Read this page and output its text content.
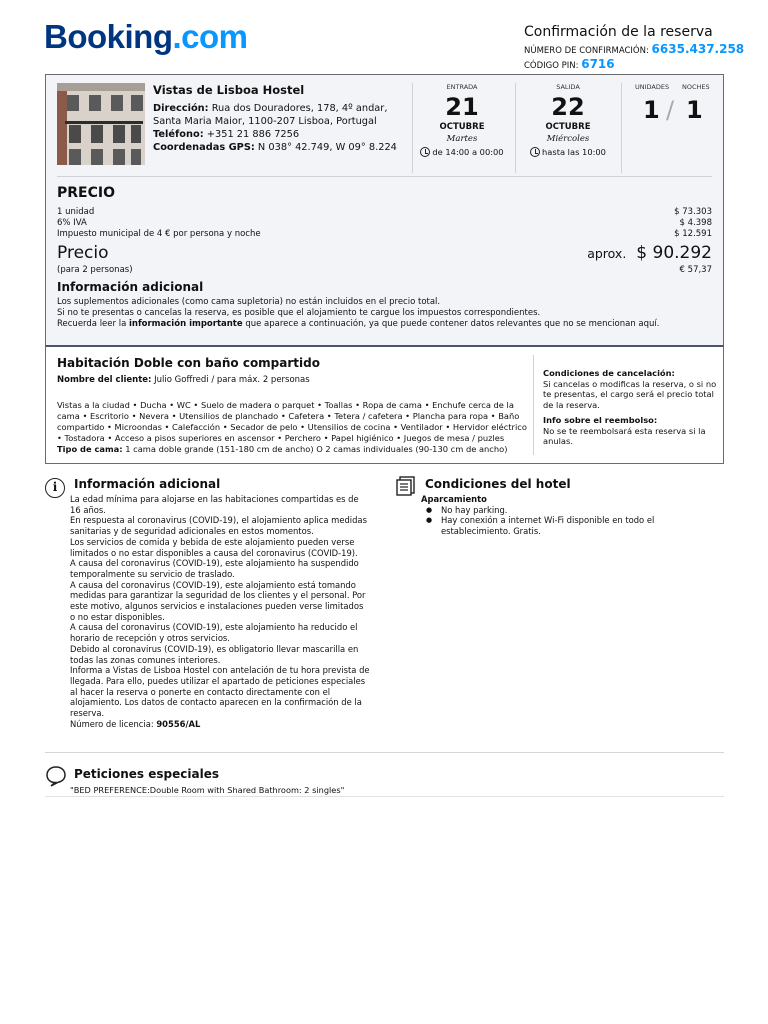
Booking.com	Confirmación de la reserva
NÚMERO DE CONFIRMACIÓN: 6635.437.258
CÓDIGO PIN: 6716
Vistas de Lisboa Hostel
Dirección: Rua dos Douradores, 178, 4º andar, Santa Maria Maior, 1100-207 Lisboa, Portugal
Teléfono: +351 21 886 7256
Coordenadas GPS: N 038° 42.749, W 09° 8.224
ENTRADA
21
OCTUBRE
Martes
de 14:00 a 00:00
SALIDA
22
OCTUBRE
Miércoles
hasta las 10:00
UNIDADES NOCHES
1 / 1
PRECIO
1 unidad	$ 73.303
6% IVA	$ 4.398
Impuesto municipal de 4 € por persona y noche	$ 12.591
Precio	aprox. $ 90.292
(para 2 personas)	€ 57,37
Información adicional
Los suplementos adicionales (como cama supletoria) no están incluidos en el precio total.
Si no te presentas o cancelas la reserva, es posible que el alojamiento te cargue los impuestos correspondientes.
Recuerda leer la información importante que aparece a continuación, ya que puede contener datos relevantes que no se mencionan aquí.
Habitación Doble con baño compartido
Nombre del cliente: Julio Goffredi / para máx. 2 personas
Vistas a la ciudad • Ducha • WC • Suelo de madera o parquet • Toallas • Ropa de cama • Enchufe cerca de la cama • Escritorio • Nevera • Utensilios de planchado • Cafetera • Tetera / cafetera • Plancha para ropa • Baño compartido • Microondas • Calefacción • Secador de pelo • Utensilios de cocina • Ventilador • Hervidor eléctrico • Tostadora • Acceso a pisos superiores en ascensor • Perchero • Papel higiénico • Juegos de mesa / puzles
Tipo de cama: 1 cama doble grande (151-180 cm de ancho) O 2 camas individuales (90-130 cm de ancho)
Condiciones de cancelación:
Si cancelas o modificas la reserva, o si no te presentas, el cargo será el precio total de la reserva.
Info sobre el reembolso:
No se te reembolsará esta reserva si la anulas.
i	Información adicional

La edad mínima para alojarse en las habitaciones compartidas es de 16 años.

En respuesta al coronavirus (COVID-19), el alojamiento aplica medidas sanitarias y de seguridad adicionales en estos momentos.

Los servicios de comida y bebida de este alojamiento pueden verse limitados o no estar disponibles a causa del coronavirus (COVID-19).

A causa del coronavirus (COVID-19), este alojamiento ha suspendido temporalmente su servicio de traslado.

A causa del coronavirus (COVID-19), este alojamiento está tomando medidas para garantizar la seguridad de los clientes y el personal. Por este motivo, algunos servicios e instalaciones pueden verse limitados o no estar disponibles.

A causa del coronavirus (COVID-19), este alojamiento ha reducido el horario de recepción y otros servicios.

Debido al coronavirus (COVID-19), es obligatorio llevar mascarilla en todas las zonas comunes interiores.

Informa a Vistas de Lisboa Hostel con antelación de tu hora prevista de llegada. Para ello, puedes utilizar el apartado de peticiones especiales al hacer la reserva o ponerte en contacto directamente con el alojamiento. Los datos de contacto aparecen en la confirmación de la reserva.

Número de licencia: 90556/AL

Condiciones del hotel
Aparcamiento
● No hay parking.
● Hay conexión a internet Wi-Fi disponible en todo el establecimiento. Gratis.
Peticiones especiales
"BED PREFERENCE:Double Room with Shared Bathroom: 2 singles"
